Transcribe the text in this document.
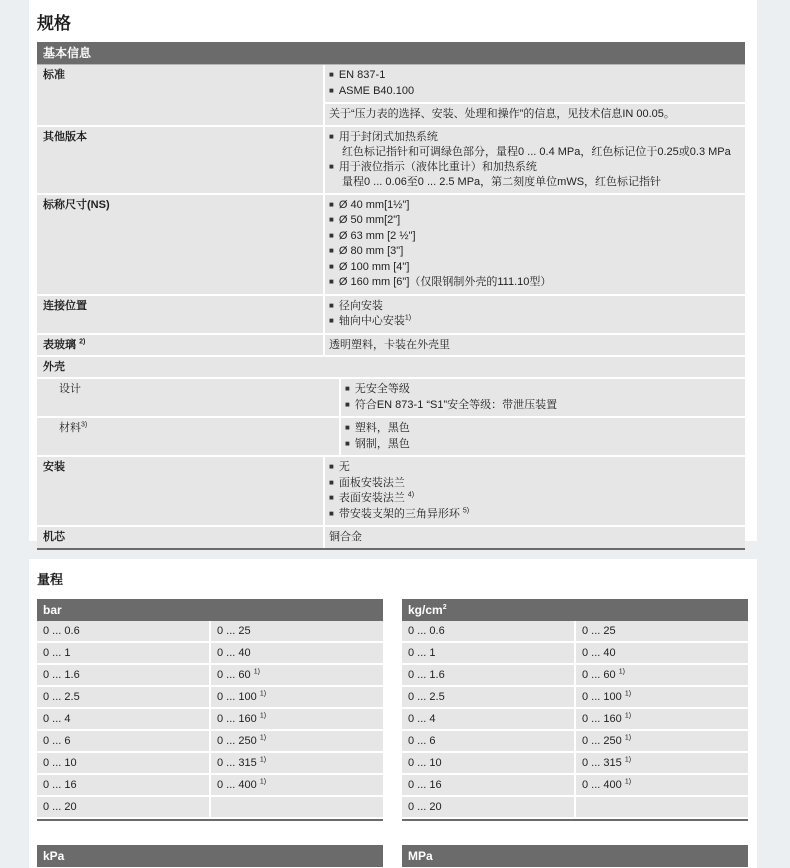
规格
基本信息
标准	■ EN 837-1
■ ASME B40.100
关于“压力表的选择、安装、处理和操作”的信息，见技术信息IN 00.05。
其他版本	■ 用于封闭式加热系统
红色标记指针和可调绿色部分，量程0 ... 0.4 MPa，红色标记位于0.25或0.3 MPa
■ 用于液位指示（液体比重计）和加热系统
量程0 ... 0.06至0 ... 2.5 MPa，第二刻度单位mWS，红色标记指针
标称尺寸(NS)	■ Ø 40 mm[1½"]
■ Ø 50 mm[2"]
■ Ø 63 mm [2 ½"]
■ Ø 80 mm [3"]
■ Ø 100 mm [4"]
■ Ø 160 mm [6"]（仅限钢制外壳的111.10型）
连接位置	■ 径向安装
■ 轴向中心安装$^{1)}$
表玻璃 $^{2)}$	透明塑料，卡装在外壳里
外壳
设计	■ 无安全等级
■ 符合EN 873-1 “S1”安全等级：带泄压装置
材料$^{3)}$	■ 塑料，黑色
■ 钢制，黑色
安装	■ 无
■ 面板安装法兰
■ 表面安装法兰 $^{4)}$
■ 带安装支架的三角异形环 $^{5)}$
机芯	铜合金
量程
bar
0 ... 0.6	0 ... 25
0 ... 1	0 ... 40
0 ... 1.6	0 ... 60 $^{1)}$
0 ... 2.5	0 ... 100 $^{1)}$
0 ... 4	0 ... 160 $^{1)}$
0 ... 6	0 ... 250 $^{1)}$
0 ... 10	0 ... 315 $^{1)}$
0 ... 16	0 ... 400 $^{1)}$
0 ... 20
$kg/cm^2$
0 ... 0.6	0 ... 25
0 ... 1	0 ... 40
0 ... 1.6	0 ... 60 $^{1)}$
0 ... 2.5	0 ... 100 $^{1)}$
0 ... 4	0 ... 160 $^{1)}$
0 ... 6	0 ... 250 $^{1)}$
0 ... 10	0 ... 315 $^{1)}$
0 ... 16	0 ... 400 $^{1)}$
0 ... 20
kPa	MPa
